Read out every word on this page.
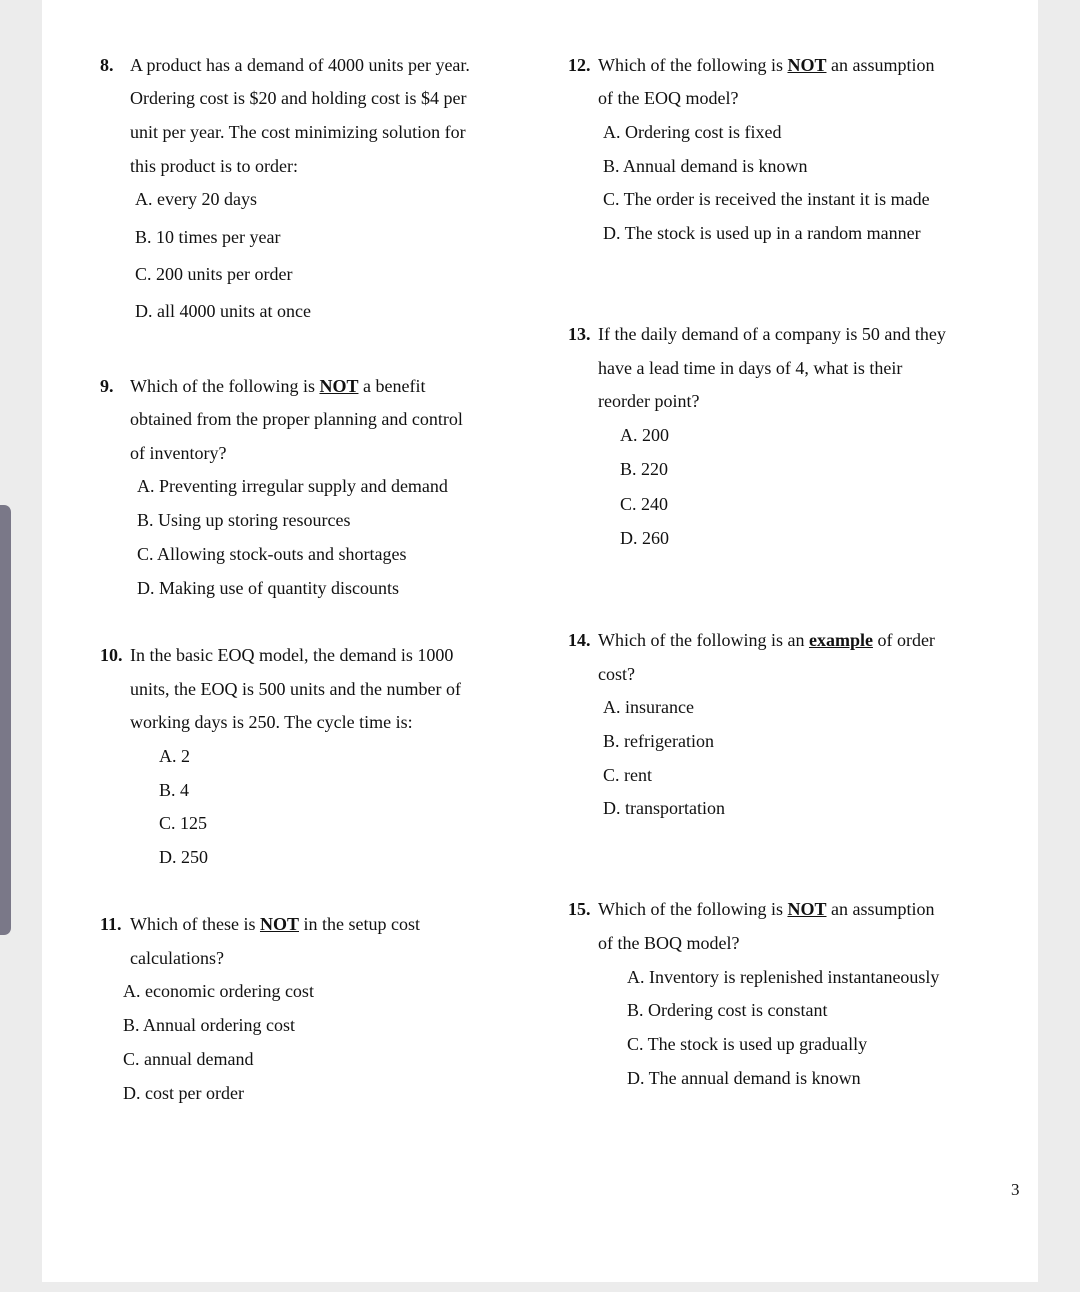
8. A product has a demand of 4000 units per year.
Ordering cost is $20 and holding cost is $4 per
unit per year. The cost minimizing solution for
this product is to order:
A. every 20 days
B. 10 times per year
C. 200 units per order
D. all 4000 units at once
9. Which of the following is NOT a benefit
obtained from the proper planning and control
of inventory?
A. Preventing irregular supply and demand
B. Using up storing resources
C. Allowing stock-outs and shortages
D. Making use of quantity discounts
10. In the basic EOQ model, the demand is 1000
units, the EOQ is 500 units and the number of
working days is 250. The cycle time is:
A. 2
B. 4
C. 125
D. 250
11. Which of these is NOT in the setup cost
calculations?
A. economic ordering cost
B. Annual ordering cost
C. annual demand
D. cost per order
12. Which of the following is NOT an assumption
of the EOQ model?
A. Ordering cost is fixed
B. Annual demand is known
C. The order is received the instant it is made
D. The stock is used up in a random manner
13. If the daily demand of a company is 50 and they
have a lead time in days of 4, what is their
reorder point?
A. 200
B. 220
C. 240
D. 260
14. Which of the following is an example of order
cost?
A. insurance
B. refrigeration
C. rent
D. transportation
15. Which of the following is NOT an assumption
of the BOQ model?
A. Inventory is replenished instantaneously
B. Ordering cost is constant
C. The stock is used up gradually
D. The annual demand is known
3
